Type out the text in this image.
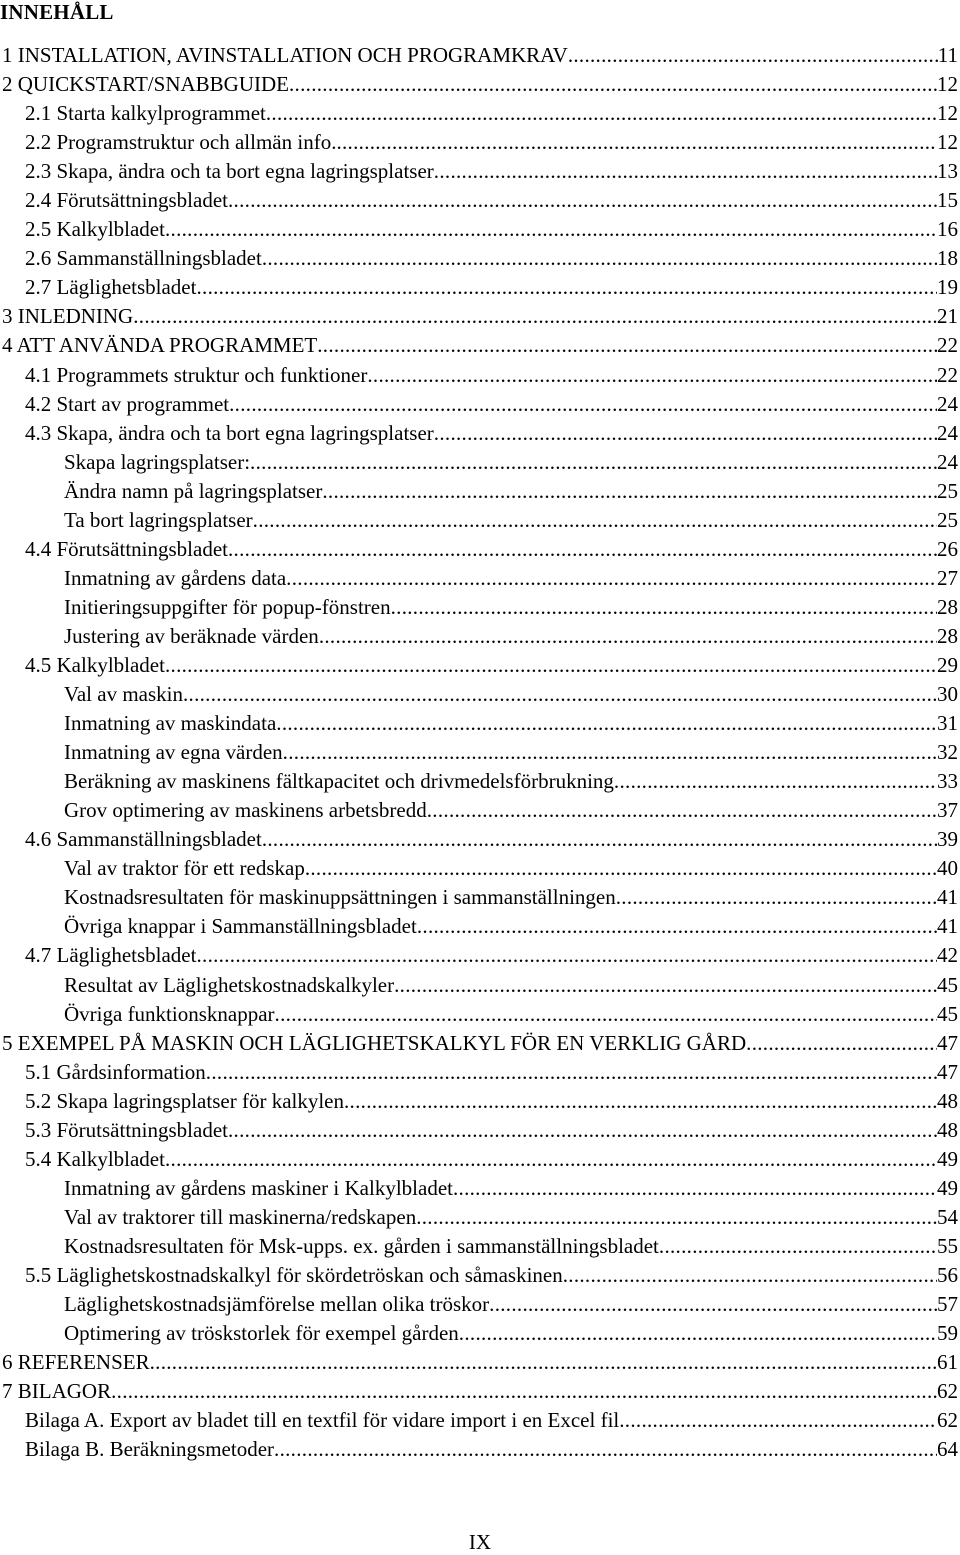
INNEHÅLL
1 INSTALLATION, AVINSTALLATION OCH PROGRAMKRAV .....	11
2 QUICKSTART/SNABBGUIDE .....	12
2.1 Starta kalkylprogrammet .....	12
2.2 Programstruktur och allmän info. .....	12
2.3 Skapa, ändra och ta bort egna lagringsplatser .....	13
2.4 Förutsättningsbladet .....	15
2.5 Kalkylbladet .....	16
2.6 Sammanställningsbladet .....	18
2.7 Läglighetsbladet .....	19
3 INLEDNING .....	21
4 ATT ANVÄNDA PROGRAMMET .....	22
4.1 Programmets struktur och funktioner .....	22
4.2 Start av programmet .....	24
4.3 Skapa, ändra och ta bort egna lagringsplatser .....	24
Skapa lagringsplatser: .....	24
Ändra namn på lagringsplatser .....	25
Ta bort lagringsplatser .....	25
4.4 Förutsättningsbladet .....	26
Inmatning av gårdens data .....	27
Initieringsuppgifter för popup-fönstren .....	28
Justering av beräknade värden .....	28
4.5 Kalkylbladet .....	29
Val av maskin .....	30
Inmatning av maskindata .....	31
Inmatning av egna värden .....	32
Beräkning av maskinens fältkapacitet och drivmedelsförbrukning .....	33
Grov optimering av maskinens arbetsbredd .....	37
4.6 Sammanställningsbladet .....	39
Val av traktor för ett redskap .....	40
Kostnadsresultaten för maskinuppsättningen i sammanställningen .....	41
Övriga knappar i Sammanställningsbladet .....	41
4.7 Läglighetsbladet .....	42
Resultat av Läglighetskostnadskalkyler .....	45
Övriga funktionsknappar .....	45
5 EXEMPEL PÅ MASKIN OCH LÄGLIGHETSKALKYL FÖR EN VERKLIG GÅRD .....	47
5.1 Gårdsinformation .....	47
5.2 Skapa lagringsplatser för kalkylen .....	48
5.3 Förutsättningsbladet .....	48
5.4 Kalkylbladet .....	49
Inmatning av gårdens maskiner i Kalkylbladet .....	49
Val av traktorer till maskinerna/redskapen .....	54
Kostnadsresultaten för Msk-upps. ex. gården i sammanställningsbladet .....	55
5.5 Läglighetskostnadskalkyl för skördetröskan och såmaskinen .....	56
Läglighetskostnadsjämförelse mellan olika tröskor .....	57
Optimering av tröskstorlek för exempel gården .....	59
6 REFERENSER .....	61
7 BILAGOR .....	62
Bilaga A. Export av bladet till en textfil för vidare import i en Excel fil .....	62
Bilaga B. Beräkningsmetoder .....	64
IX
